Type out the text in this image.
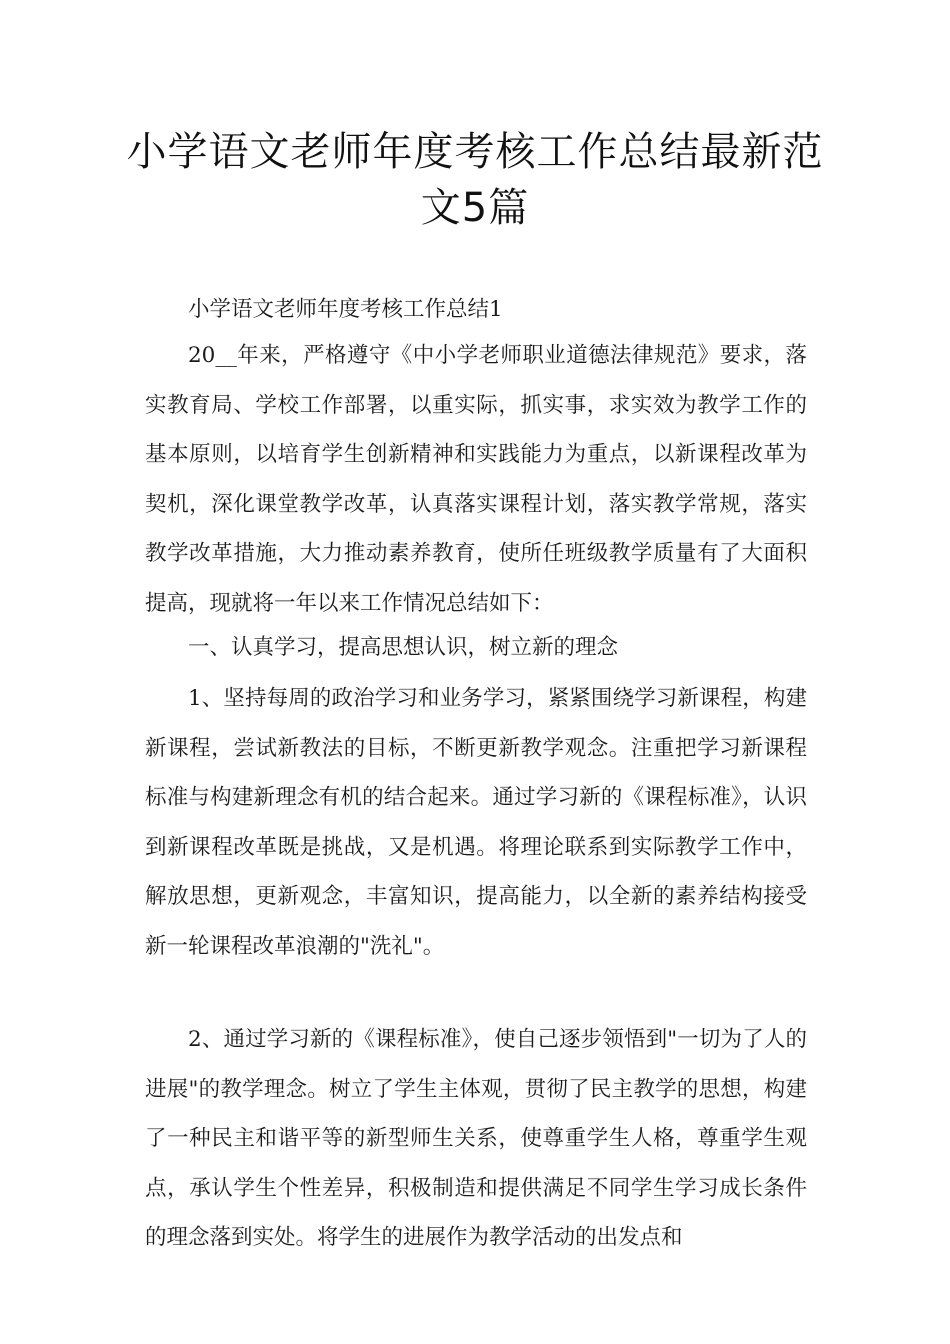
小学语文老师年度考核工作总结最新范
文5篇

小学语文老师年度考核工作总结1

20__年来，严格遵守《中小学老师职业道德法律规范》要求，落实教育局、学校工作部署，以重实际，抓实事，求实效为教学工作的基本原则，以培育学生创新精神和实践能力为重点，以新课程改革为契机，深化课堂教学改革，认真落实课程计划，落实教学常规，落实教学改革措施，大力推动素养教育，使所任班级教学质量有了大面积提高，现就将一年以来工作情况总结如下：

一、认真学习，提高思想认识，树立新的理念

1、坚持每周的政治学习和业务学习，紧紧围绕学习新课程，构建新课程，尝试新教法的目标，不断更新教学观念。注重把学习新课程标准与构建新理念有机的结合起来。通过学习新的《课程标准》，认识到新课程改革既是挑战，又是机遇。将理论联系到实际教学工作中，解放思想，更新观念，丰富知识，提高能力，以全新的素养结构接受新一轮课程改革浪潮的"洗礼"。

2、通过学习新的《课程标准》，使自己逐步领悟到"一切为了人的进展"的教学理念。树立了学生主体观，贯彻了民主教学的思想，构建了一种民主和谐平等的新型师生关系，使尊重学生人格，尊重学生观点，承认学生个性差异，积极制造和提供满足不同学生学习成长条件的理念落到实处。将学生的进展作为教学活动的出发点和
